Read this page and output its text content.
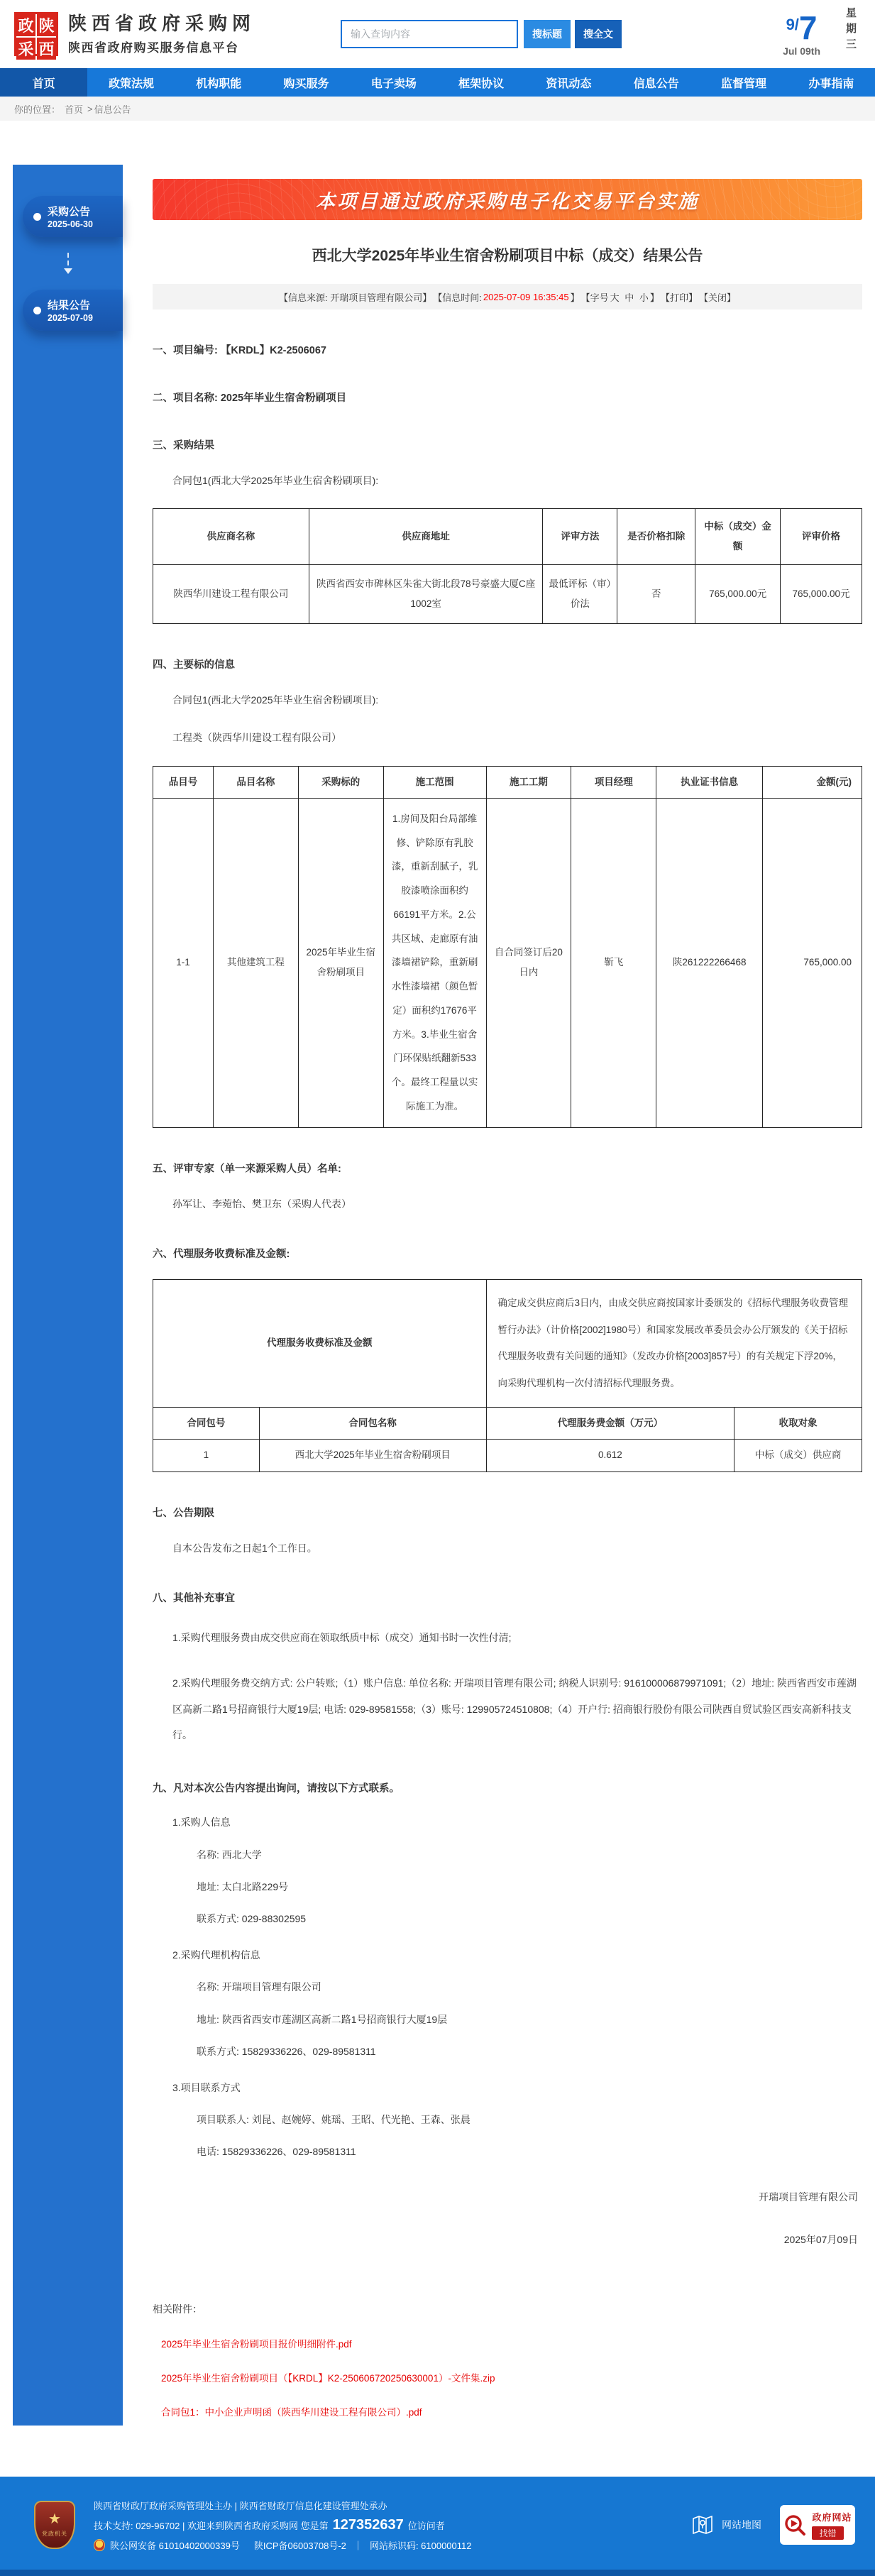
政 陕
采 西
陕西省政府采购网
陕西省政府购买服务信息平台
输入查询内容
搜标题	搜全文
9/ 7
Jul 09th 星期三
首页	政策法规	机构职能	购买服务	电子卖场	框架协议	资讯动态	信息公告	监督管理	办事指南
你的位置： 首页 > 信息公告
采购公告
2025-06-30
结果公告
2025-07-09
本项目通过政府采购电子化交易平台实施
西北大学2025年毕业生宿舍粉刷项目中标（成交）结果公告
【信息来源: 开瑞项目管理有限公司】 【信息时间: 2025-07-09 16:35:45 】 【字号 大
中
小 】 【打印】 【关闭】
一、项目编号: 【KRDL】K2-2506067
二、项目名称: 2025年毕业生宿舍粉刷项目
三、采购结果
合同包1(西北大学2025年毕业生宿舍粉刷项目):
供应商名称	供应商地址	评审方法	是否价格扣除	中标（成交）金额	评审价格
陕西华川建设工程有限公司	陕西省西安市碑林区朱雀大街北段78号豪盛大厦C座1002室	最低评标（审）价法	否	765,000.00元	765,000.00元
四、主要标的信息
合同包1(西北大学2025年毕业生宿舍粉刷项目):
工程类（陕西华川建设工程有限公司）
品目号	品目名称	采购标的	施工范围	施工工期	项目经理	执业证书信息	金额(元)
1-1	其他建筑工程	2025年毕业生宿舍粉刷项目	1.房间及阳台局部维修、铲除原有乳胶漆，重新刮腻子，乳胶漆喷涂面积约66191平方米。2.公共区域、走廊原有油漆墙裙铲除，重新刷水性漆墙裙（颜色暂定）面积约17676平方米。3.毕业生宿舍门环保贴纸翻新533个。最终工程量以实际施工为准。	自合同签订后20日内	靳飞	陕261222266468	765,000.00
五、评审专家（单一来源采购人员）名单:
孙军让、李菀怡、樊卫东（采购人代表）
六、代理服务收费标准及金额:
代理服务收费标准及金额		确定成交供应商后3日内，由成交供应商按国家计委颁发的《招标代理服务收费管理暂行办法》（计价格[2002]1980号）和国家发展改革委员会办公厅颁发的《关于招标代理服务收费有关问题的通知》（发改办价格[2003]857号）的有关规定下浮20%，向采购代理机构一次付清招标代理服务费。	
合同包号	合同包名称	代理服务费金额（万元）	收取对象
1	西北大学2025年毕业生宿舍粉刷项目	0.612	中标（成交）供应商
七、公告期限
自本公告发布之日起1个工作日。
八、其他补充事宜
1.采购代理服务费由成交供应商在领取纸质中标（成交）通知书时一次性付清;
2.采购代理服务费交纳方式: 公户转账;（1）账户信息: 单位名称: 开瑞项目管理有限公司; 纳税人识别号: 916100006879971091;（2）地址: 陕西省西安市莲湖区高新二路1号招商银行大厦19层; 电话: 029-89581558;（3）账号: 129905724510808;（4）开户行: 招商银行股份有限公司陕西自贸试验区西安高新科技支行。
九、凡对本次公告内容提出询问，请按以下方式联系。
1.采购人信息
名称: 西北大学
地址: 太白北路229号
联系方式: 029-88302595
2.采购代理机构信息
名称: 开瑞项目管理有限公司
地址: 陕西省西安市莲湖区高新二路1号招商银行大厦19层
联系方式: 15829336226、029-89581311
3.项目联系方式
项目联系人: 刘昆、赵婉婷、姚瑶、王昭、代光艳、王森、张晨
电话: 15829336226、029-89581311
开瑞项目管理有限公司
2025年07月09日
相关附件：
2025年毕业生宿舍粉刷项目报价明细附件.pdf
2025年毕业生宿舍粉刷项目（【KRDL】K2-250606720250630001）-文件集.zip
合同包1：中小企业声明函（陕西华川建设工程有限公司）.pdf
★
党政机关
陕西省财政厅政府采购管理处主办 | 陕西省财政厅信息化建设管理处承办
技术支持: 029-96702 | 欢迎来到陕西省政府采购网 您是第 127352637 位访问者
陕公网安备 61010402000339号 陕ICP备06003708号-2 ｜ 网站标识码: 6100000112
网站地图
政府网站
找错
